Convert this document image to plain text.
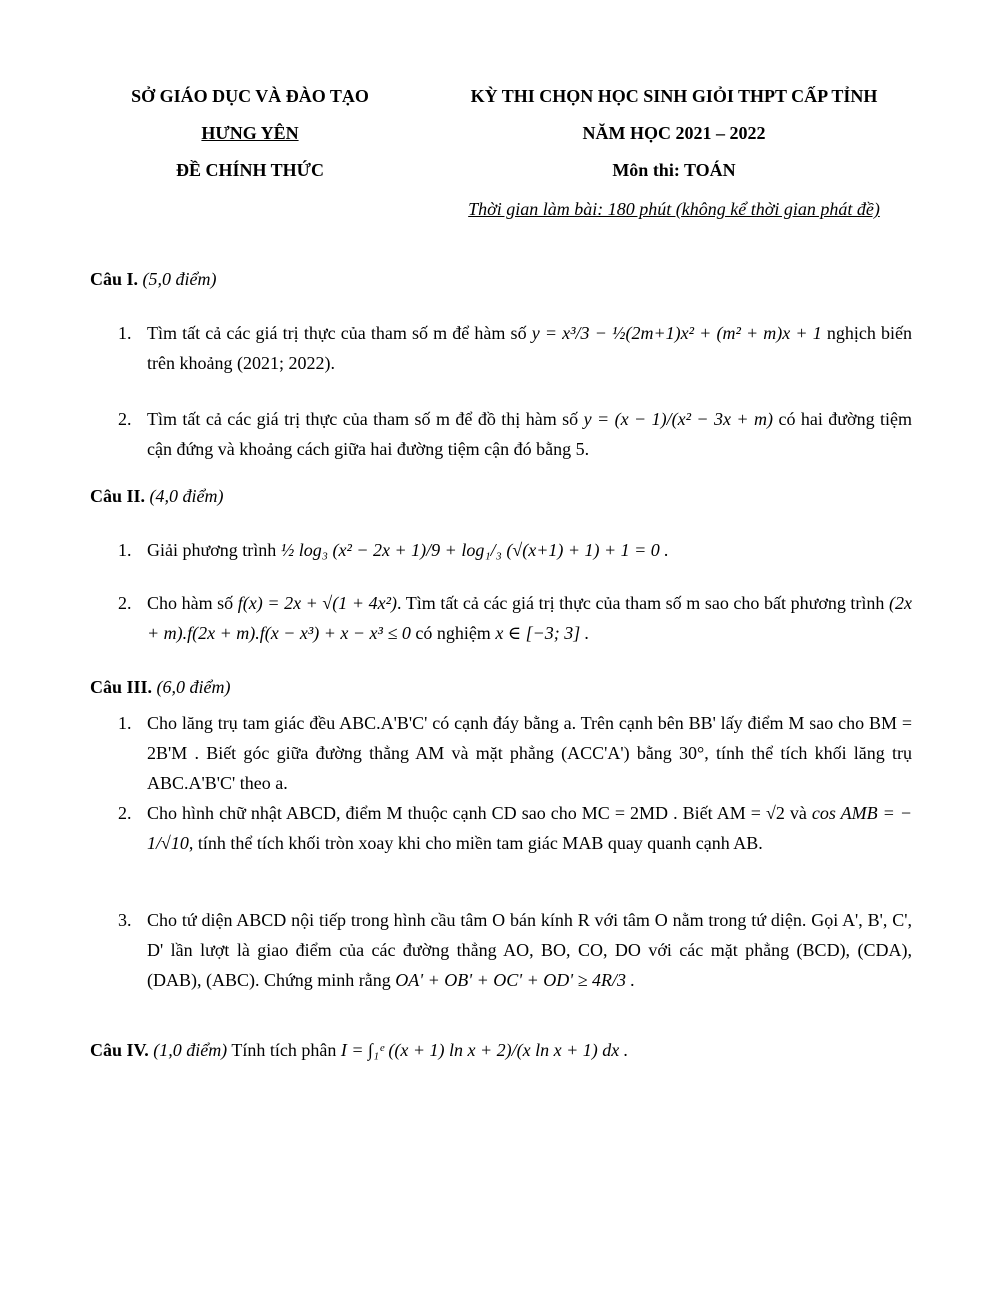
SỞ GIÁO DỤC VÀ ĐÀO TẠO
HƯNG YÊN
ĐỀ CHÍNH THỨC
KỲ THI CHỌN HỌC SINH GIỎI THPT CẤP TỈNH
NĂM HỌC 2021 – 2022
Môn thi: TOÁN
Thời gian làm bài: 180 phút (không kể thời gian phát đề)
Câu I. (5,0 điểm)
1. Tìm tất cả các giá trị thực của tham số m để hàm số y = x³/3 − ½(2m+1)x² + (m² + m)x + 1 nghịch biến trên khoảng (2021; 2022).
2. Tìm tất cả các giá trị thực của tham số m để đồ thị hàm số y = (x − 1)/(x² − 3x + m) có hai đường tiệm cận đứng và khoảng cách giữa hai đường tiệm cận đó bằng 5.
Câu II. (4,0 điểm)
1. Giải phương trình ½ log₃ (x² − 2x + 1)/9 + log₁/₃ (√(x+1) + 1) + 1 = 0 .
2. Cho hàm số f(x) = 2x + √(1 + 4x²). Tìm tất cả các giá trị thực của tham số m sao cho bất phương trình (2x + m).f(2x + m).f(x − x³) + x − x³ ≤ 0 có nghiệm x ∈ [−3; 3] .
Câu III. (6,0 điểm)
1. Cho lăng trụ tam giác đều ABC.A'B'C' có cạnh đáy bằng a. Trên cạnh bên BB' lấy điểm M sao cho BM = 2B'M . Biết góc giữa đường thẳng AM và mặt phẳng (ACC'A') bằng 30°, tính thể tích khối lăng trụ ABC.A'B'C' theo a.
2. Cho hình chữ nhật ABCD, điểm M thuộc cạnh CD sao cho MC = 2MD . Biết AM = √2 và cos AMB = − 1/√10, tính thể tích khối tròn xoay khi cho miền tam giác MAB quay quanh cạnh AB.
3. Cho tứ diện ABCD nội tiếp trong hình cầu tâm O bán kính R với tâm O nằm trong tứ diện. Gọi A', B', C', D' lần lượt là giao điểm của các đường thẳng AO, BO, CO, DO với các mặt phẳng (BCD), (CDA), (DAB), (ABC). Chứng minh rằng OA' + OB' + OC' + OD' ≥ 4R/3 .
Câu IV. (1,0 điểm) Tính tích phân I = ∫₁ᵉ ((x + 1) ln x + 2)/(x ln x + 1) dx .
